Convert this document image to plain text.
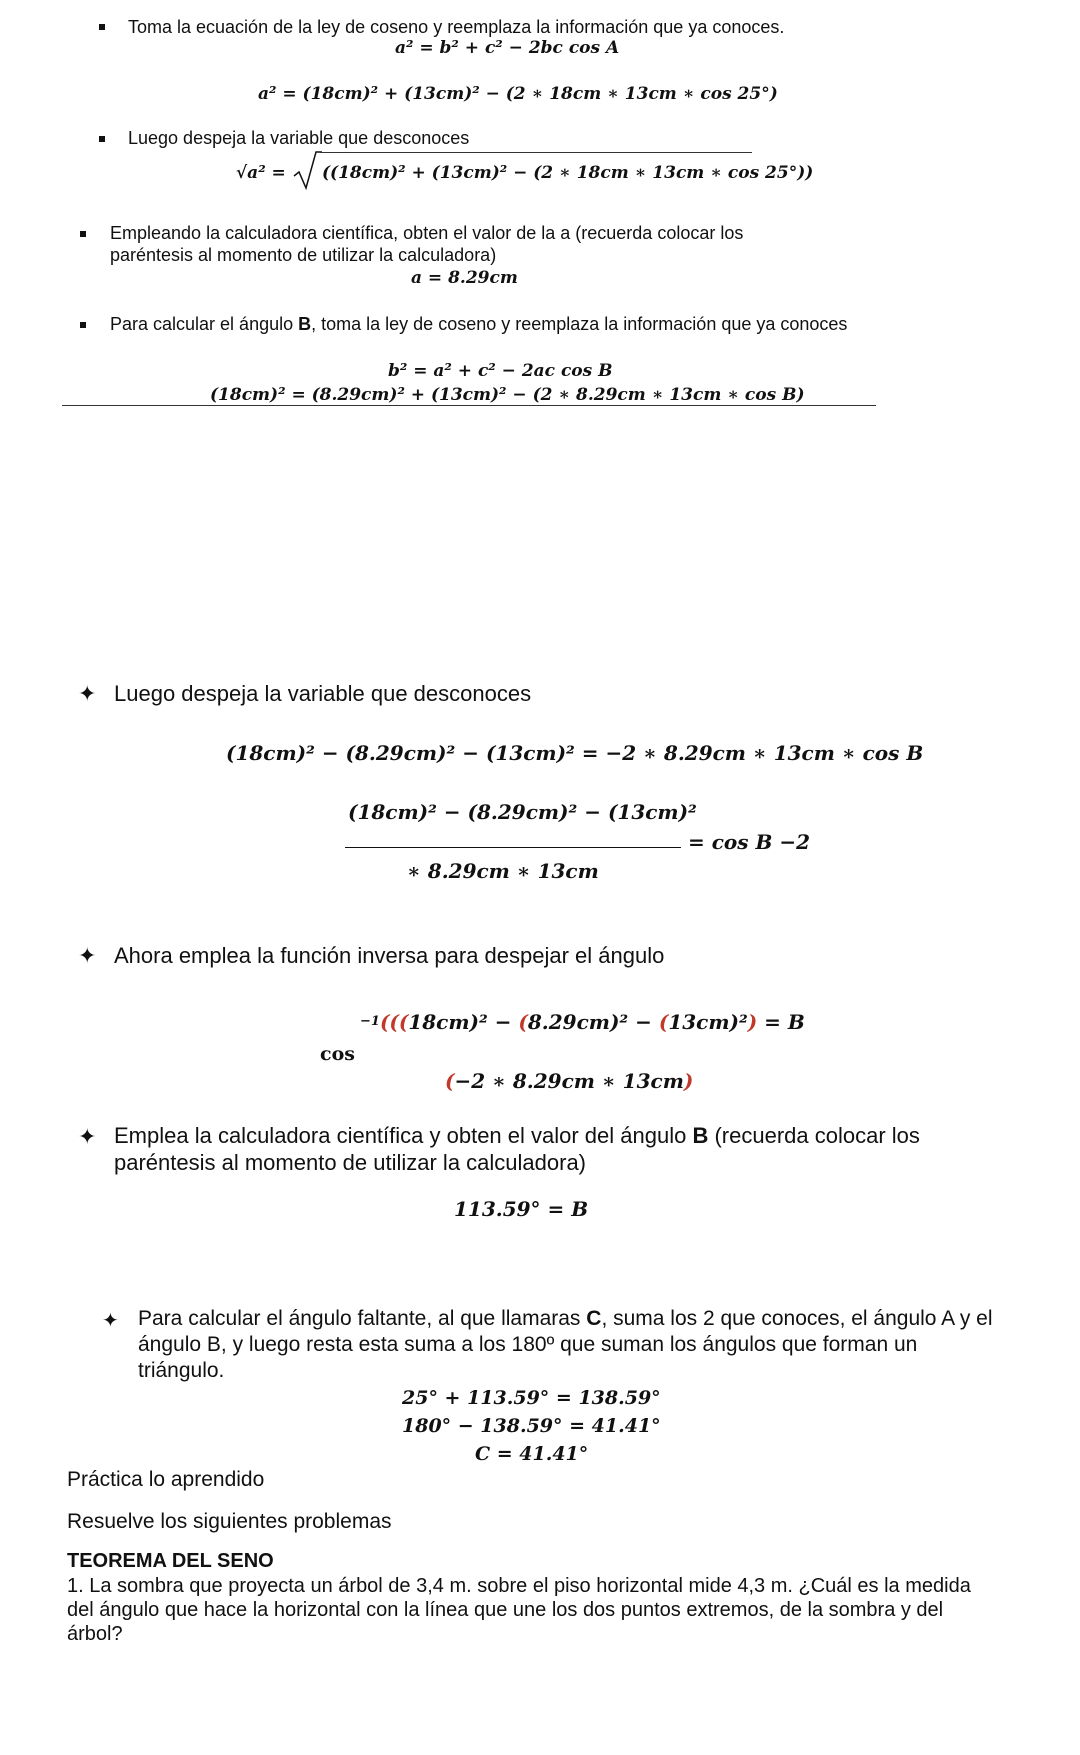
Toma la ecuación de la ley de coseno y reemplaza la información que ya conoces.
a² = b² + c² − 2bc cos A
a² = (18cm)² + (13cm)² − (2 ∗ 18cm ∗ 13cm ∗ cos 25°)
Luego despeja la variable que desconoces
√a² = ((18cm)² + (13cm)² − (2 ∗ 18cm ∗ 13cm ∗ cos 25°))
Empleando la calculadora científica, obten el valor de la a (recuerda colocar los paréntesis al momento de utilizar la calculadora)
a = 8.29cm
Para calcular el ángulo B, toma la ley de coseno y reemplaza la información que ya conoces
b² = a² + c² − 2ac cos B
(18cm)² = (8.29cm)² + (13cm)² − (2 ∗ 8.29cm ∗ 13cm ∗ cos B)
✦ Luego despeja la variable que desconoces
(18cm)² − (8.29cm)² − (13cm)² = −2 ∗ 8.29cm ∗ 13cm ∗ cos B
(18cm)² − (8.29cm)² − (13cm)²
∗ 8.29cm ∗ 13cm
= cos B −2
✦ Ahora emplea la función inversa para despejar el ángulo
$^{-1}$(((18cm)² − (8.29cm)² − (13cm)²) = B
cos
(−2 ∗ 8.29cm ∗ 13cm)
✦ Emplea la calculadora científica y obten el valor del ángulo B (recuerda colocar los paréntesis al momento de utilizar la calculadora)
113.59° = B
✦ Para calcular el ángulo faltante, al que llamaras C, suma los 2 que conoces, el ángulo A y el ángulo B, y luego resta esta suma a los 180º que suman los ángulos que forman un triángulo.
25° + 113.59° = 138.59°
180° − 138.59° = 41.41°
C = 41.41°
Práctica lo aprendido
Resuelve los siguientes problemas
TEOREMA DEL SENO
1. La sombra que proyecta un árbol de 3,4 m. sobre el piso horizontal mide 4,3 m. ¿Cuál es la medida del ángulo que hace la horizontal con la línea que une los dos puntos extremos, de la sombra y del árbol?
